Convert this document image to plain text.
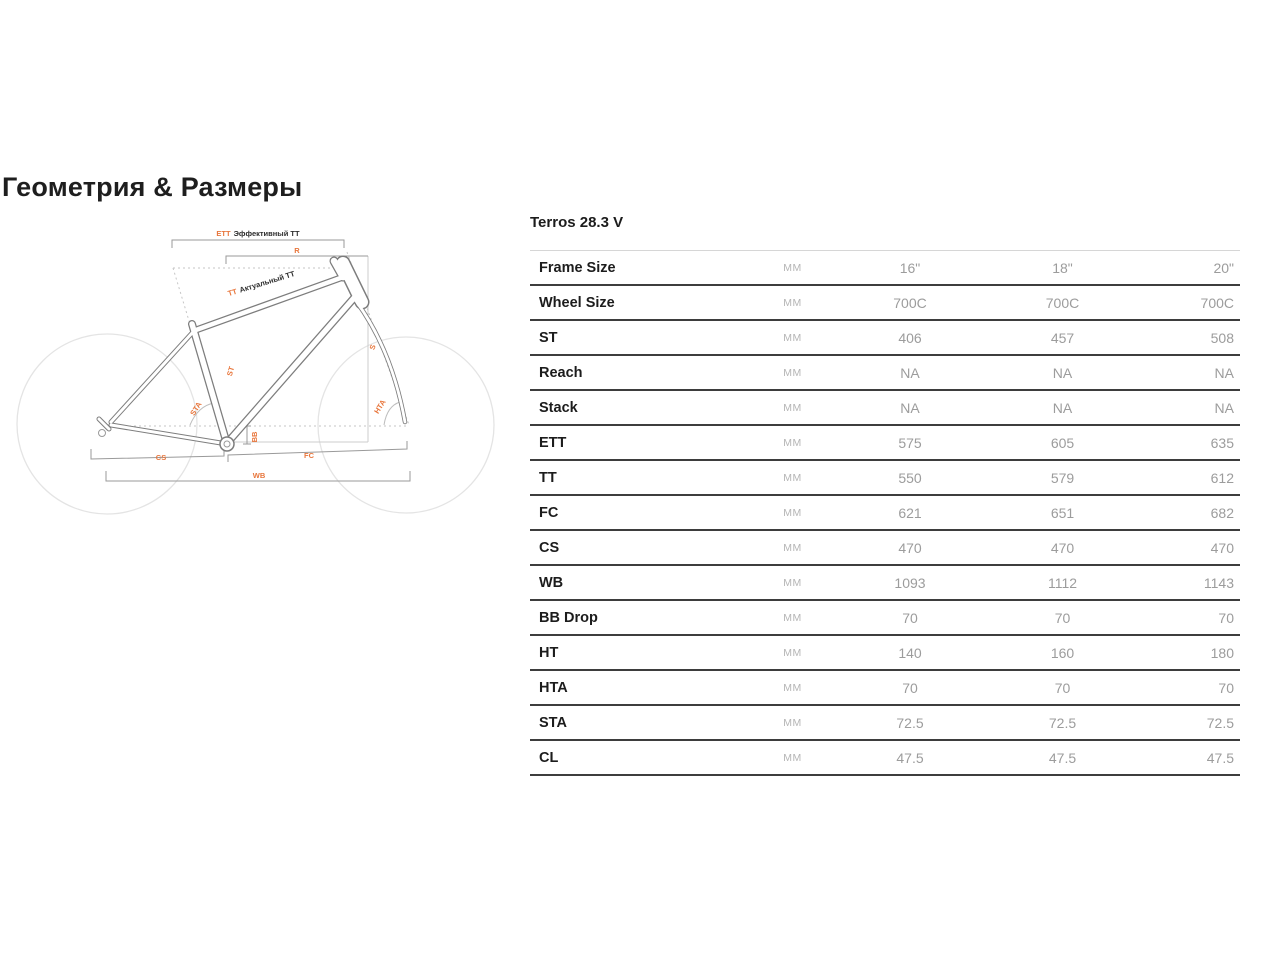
Геометрия & Размеры
ETT Эффективный TT
R
TTАктуальный TT
S
ST
STA	HTA
BB
CS	FC
WB
Terros 28.3 V
Frame Size	ММ	16"	18"	20"
Wheel Size	ММ	700C	700C	700C
ST	ММ	406	457	508
Reach	ММ	NA	NA	NA
Stack	ММ	NA	NA	NA
ETT	ММ	575	605	635
TT	ММ	550	579	612
FC	ММ	621	651	682
CS	ММ	470	470	470
WB	ММ	1093	1112	1143
BB Drop	ММ	70	70	70
HT	ММ	140	160	180
HTA	ММ	70	70	70
STA	ММ	72.5	72.5	72.5
CL	ММ	47.5	47.5	47.5
